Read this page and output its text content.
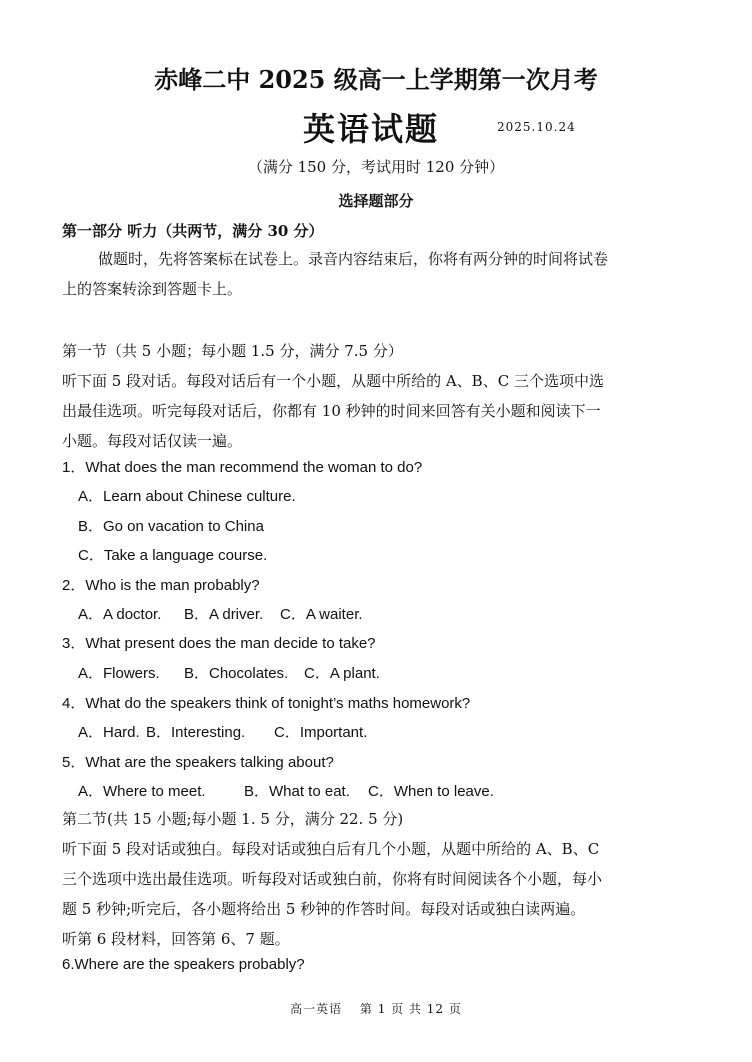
赤峰二中 2025 级高一上学期第一次月考
英语试题	2025.10.24
（满分 150 分，考试用时 120 分钟）
选择题部分
第一部分 听力（共两节，满分 30 分）
做题时，先将答案标在试卷上。录音内容结束后，你将有两分钟的时间将试卷
上的答案转涂到答题卡上。
第一节（共 5 小题；每小题 1.5 分，满分 7.5 分）
听下面 5 段对话。每段对话后有一个小题，从题中所给的 A、B、C 三个选项中选
出最佳选项。听完每段对话后，你都有 10 秒钟的时间来回答有关小题和阅读下一
小题。每段对话仅读一遍。
1．What does the man recommend the woman to do?
A．Learn about Chinese culture.
B．Go on vacation to China
C．Take a language course.
2．Who is the man probably?
A．A doctor. B．A driver. C．A waiter.
3．What present does the man decide to take?
A．Flowers. B．Chocolates. C．A plant.
4．What do the speakers think of tonight’s maths homework?
A．Hard. B．Interesting. C．Important.
5．What are the speakers talking about?
A．Where to meet.	B．What to eat. C．When to leave.
第二节(共 15 小题;每小题 1. 5 分，满分 22. 5 分)
听下面 5 段对话或独白。每段对话或独白后有几个小题，从题中所给的 A、B、C
三个选项中选出最佳选项。听每段对话或独白前，你将有时间阅读各个小题，每小
题 5 秒钟;听完后，各小题将给出 5 秒钟的作答时间。每段对话或独白读两遍。
听第 6 段材料，回答第 6、7 题。
6.Where are the speakers probably?
高一英语　 第 1 页 共 12 页
